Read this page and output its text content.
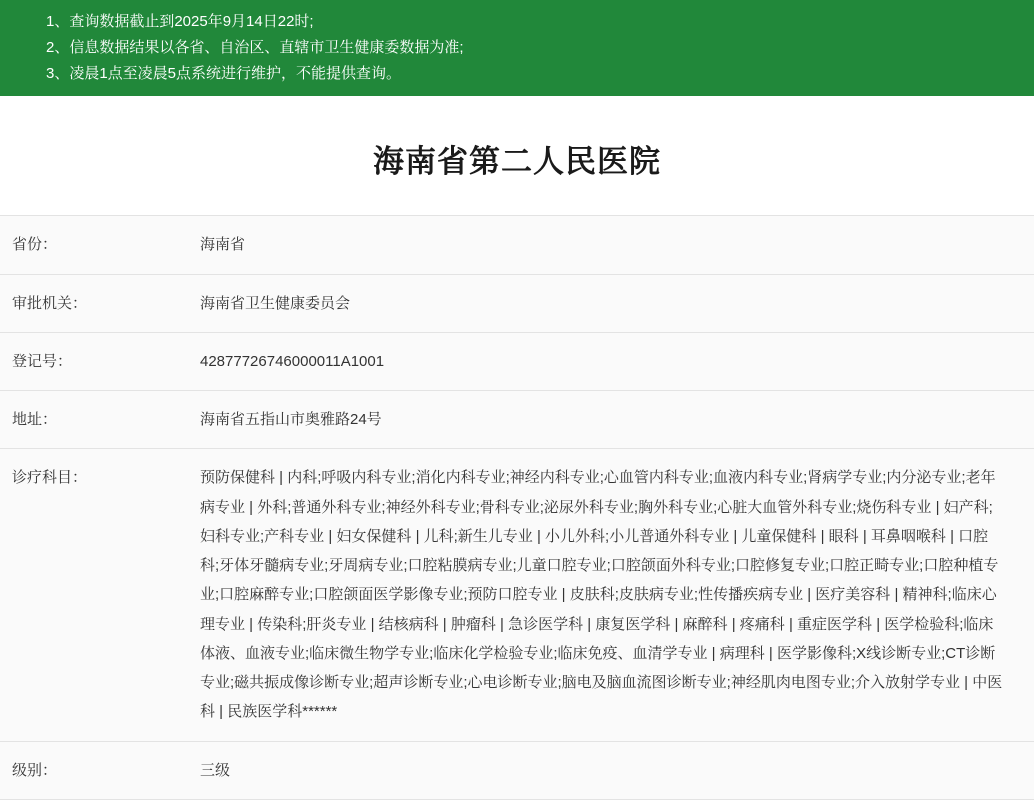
1、查询数据截止到2025年9月14日22时;
2、信息数据结果以各省、自治区、直辖市卫生健康委数据为准;
3、凌晨1点至凌晨5点系统进行维护，不能提供查询。
海南省第二人民医院
康信无忧
省份：	海南省
审批机关：	海南省卫生健康委员会
登记号：	42877726746000011A1001
地址：	海南省五指山市奥雅路24号
诊疗科目：	预防保健科 | 内科;呼吸内科专业;消化内科专业;神经内科专业;心血管内科专业;血液内科专业;肾病学专业;内分泌专业;老年病专业 | 外科;普通外科专业;神经外科专业;骨科专业;泌尿外科专业;胸外科专业;心脏大血管外科专业;烧伤科专业 | 妇产科;妇科专业;产科专业 | 妇女保健科 | 儿科;新生儿专业 | 小儿外科;小儿普通外科专业 | 儿童保健科 | 眼科 | 耳鼻咽喉科 | 口腔科;牙体牙髓病专业;牙周病专业;口腔粘膜病专业;儿童口腔专业;口腔颌面外科专业;口腔修复专业;口腔正畸专业;口腔种植专业;口腔麻醉专业;口腔颌面医学影像专业;预防口腔专业 | 皮肤科;皮肤病专业;性传播疾病专业 | 医疗美容科 | 精神科;临床心理专业 | 传染科;肝炎专业 | 结核病科 | 肿瘤科 | 急诊医学科 | 康复医学科 | 麻醉科 | 疼痛科 | 重症医学科 | 医学检验科;临床体液、血液专业;临床微生物学专业;临床化学检验专业;临床免疫、血清学专业 | 病理科 | 医学影像科;X线诊断专业;CT诊断专业;磁共振成像诊断专业;超声诊断专业;心电诊断专业;脑电及脑血流图诊断专业;神经肌肉电图专业;介入放射学专业 | 中医科 | 民族医学科******
级别：	三级
【关闭窗口】	◎本图由平台注册用户上传
